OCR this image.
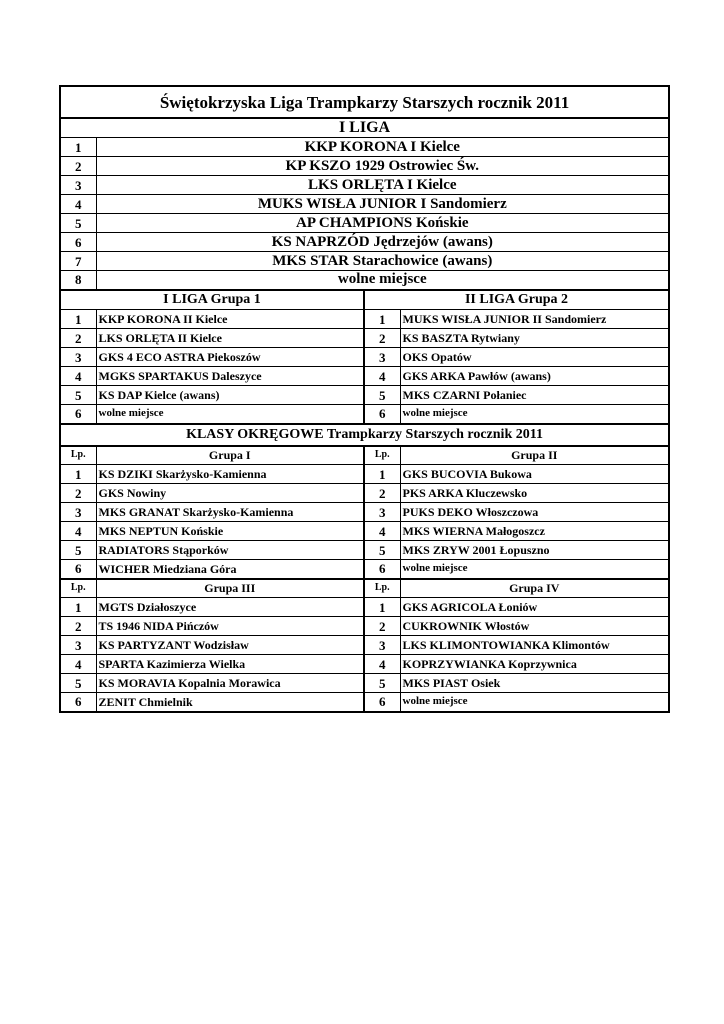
Świętokrzyska Liga Trampkarzy Starszych rocznik 2011			
I LIGA			
1	KKP KORONA I Kielce		
2	KP KSZO 1929 Ostrowiec Św.		
3	LKS ORLĘTA I Kielce		
4	MUKS WISŁA JUNIOR I Sandomierz		
5	AP CHAMPIONS Końskie		
6	KS NAPRZÓD Jędrzejów (awans)		
7	MKS STAR Starachowice (awans)		
8	wolne miejsce		
I LIGA Grupa 1		II LIGA Grupa 2	
1	KKP KORONA II Kielce	1	MUKS WISŁA JUNIOR II Sandomierz
2	LKS ORLĘTA II Kielce	2	KS BASZTA Rytwiany
3	GKS 4 ECO ASTRA Piekoszów	3	OKS Opatów
4	MGKS SPARTAKUS Daleszyce	4	GKS ARKA Pawłów (awans)
5	KS DAP Kielce (awans)	5	MKS CZARNI Połaniec
6	wolne miejsce	6	wolne miejsce
KLASY OKRĘGOWE Trampkarzy Starszych rocznik 2011			
Lp.	Grupa I	Lp.	Grupa II
1	KS DZIKI Skarżysko-Kamienna	1	GKS BUCOVIA Bukowa
2	GKS Nowiny	2	PKS ARKA Kluczewsko
3	MKS GRANAT Skarżysko-Kamienna	3	PUKS DEKO Włoszczowa
4	MKS NEPTUN Końskie	4	MKS WIERNA Małogoszcz
5	RADIATORS Stąporków	5	MKS ZRYW 2001 Łopuszno
6	WICHER Miedziana Góra	6	wolne miejsce
Lp.	Grupa III	Lp.	Grupa IV
1	MGTS Działoszyce	1	GKS AGRICOLA Łoniów
2	TS 1946 NIDA Pińczów	2	CUKROWNIK Włostów
3	KS PARTYZANT Wodzisław	3	LKS KLIMONTOWIANKA Klimontów
4	SPARTA Kazimierza Wielka	4	KOPRZYWIANKA Koprzywnica
5	KS MORAVIA Kopalnia Morawica	5	MKS PIAST Osiek
6	ZENIT Chmielnik	6	wolne miejsce
